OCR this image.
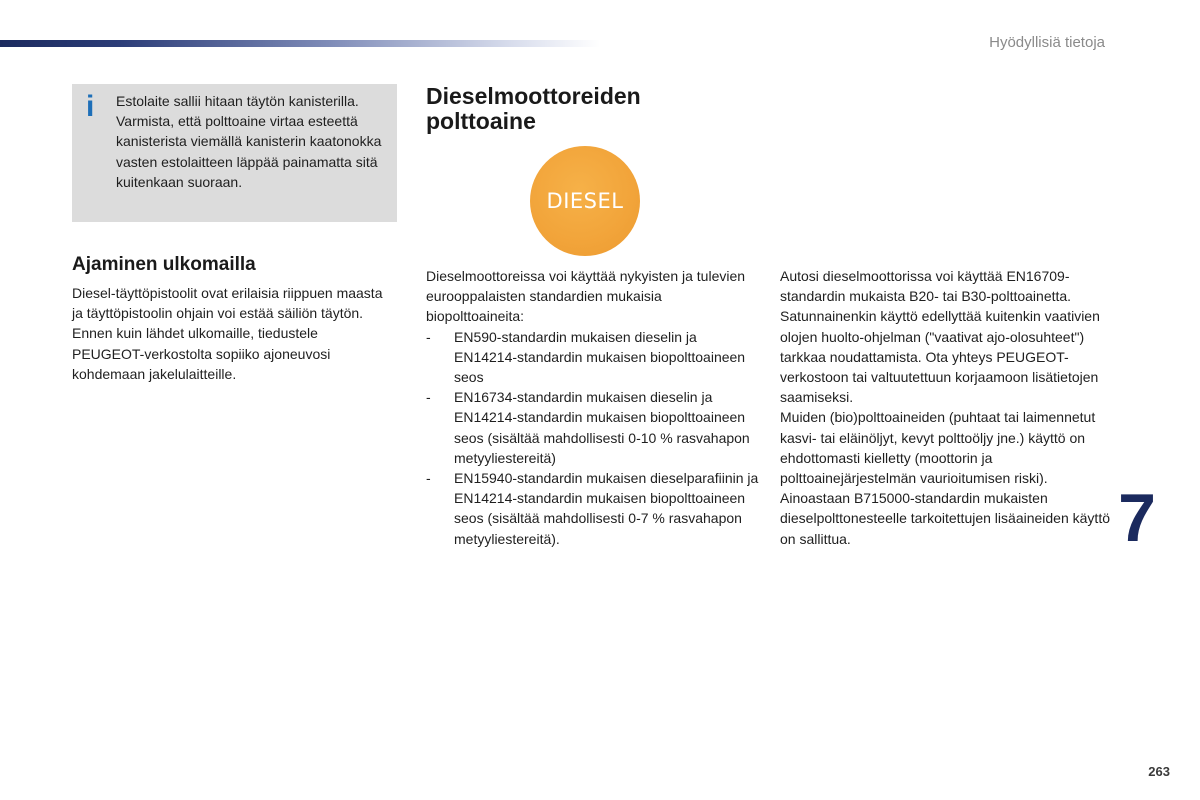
Hyödyllisiä tietoja
i Estolaite sallii hitaan täytön kanisterilla. Varmista, että polttoaine virtaa esteettä kanisterista viemällä kanisterin kaatonokka vasten estolaitteen läppää painamatta sitä kuitenkaan suoraan.
Ajaminen ulkomailla
Diesel-täyttöpistoolit ovat erilaisia riippuen maasta ja täyttöpistoolin ohjain voi estää säiliön täytön.
Ennen kuin lähdet ulkomaille, tiedustele PEUGEOT-verkostolta sopiiko ajoneuvosi kohdemaan jakelulaitteille.
Dieselmoottoreiden polttoaine
DIESEL
Dieselmoottoreissa voi käyttää nykyisten ja tulevien eurooppalaisten standardien mukaisia biopolttoaineita:
- EN590-standardin mukaisen dieselin ja EN14214-standardin mukaisen biopolttoaineen seos
- EN16734-standardin mukaisen dieselin ja EN14214-standardin mukaisen biopolttoaineen seos (sisältää mahdollisesti 0-10 % rasvahapon metyyliestereitä)
- EN15940-standardin mukaisen dieselparafiinin ja EN14214-standardin mukaisen biopolttoaineen seos (sisältää mahdollisesti 0-7 % rasvahapon metyyliestereitä).
Autosi dieselmoottorissa voi käyttää EN16709-standardin mukaista B20- tai B30-polttoainetta. Satunnainenkin käyttö edellyttää kuitenkin vaativien olojen huolto-ohjelman ("vaativat ajo-olosuhteet") tarkkaa noudattamista. Ota yhteys PEUGEOT-verkostoon tai valtuutettuun korjaamoon lisätietojen saamiseksi.
Muiden (bio)polttoaineiden (puhtaat tai laimennetut kasvi- tai eläinöljyt, kevyt polttoöljy jne.) käyttö on ehdottomasti kielletty (moottorin ja polttoainejärjestelmän vaurioitumisen riski).
Ainoastaan B715000-standardin mukaisten dieselpolttonesteelle tarkoitettujen lisäaineiden käyttö on sallittua.	7
263
